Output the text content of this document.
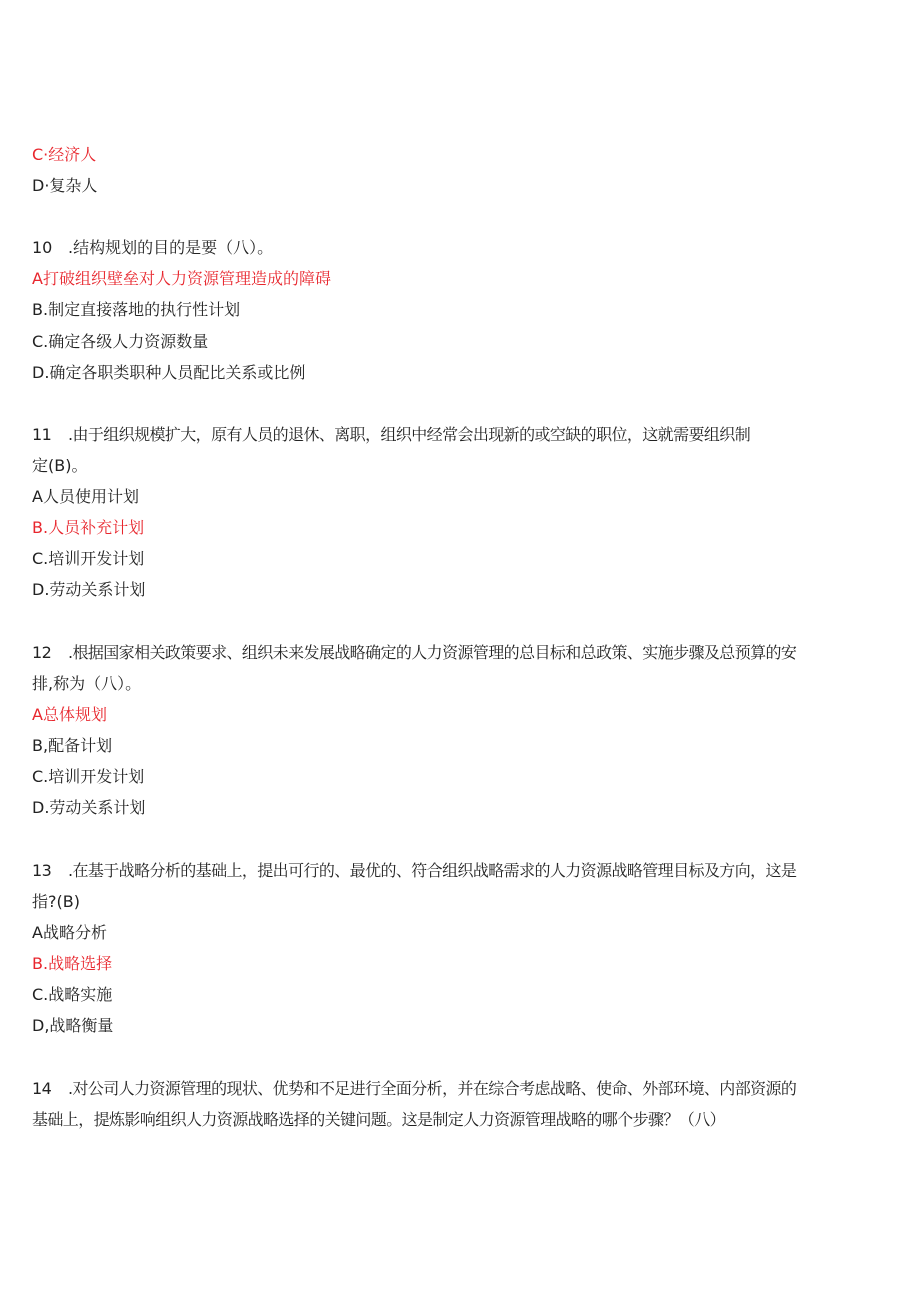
C·经济人
D·复杂人
10 .结构规划的目的是要（八）。
A打破组织壁垒对人力资源管理造成的障碍
B.制定直接落地的执行性计划
C.确定各级人力资源数量
D.确定各职类职种人员配比关系或比例
11 .由于组织规模扩大，原有人员的退休、离职，组织中经常会出现新的或空缺的职位，这就需要组织制
定(B)。
A人员使用计划
B.人员补充计划
C.培训开发计划
D.劳动关系计划
12 .根据国家相关政策要求、组织未来发展战略确定的人力资源管理的总目标和总政策、实施步骤及总预算的安
排,称为（八）。
A总体规划
B,配备计划
C.培训开发计划
D.劳动关系计划
13 .在基于战略分析的基础上，提出可行的、最优的、符合组织战略需求的人力资源战略管理目标及方向，这是
指?(B)
A战略分析
B.战略选择
C.战略实施
D,战略衡量
14 .对公司人力资源管理的现状、优势和不足进行全面分析，并在综合考虑战略、使命、外部环境、内部资源的
基础上，提炼影响组织人力资源战略选择的关键问题。这是制定人力资源管理战略的哪个步骤？（八）
